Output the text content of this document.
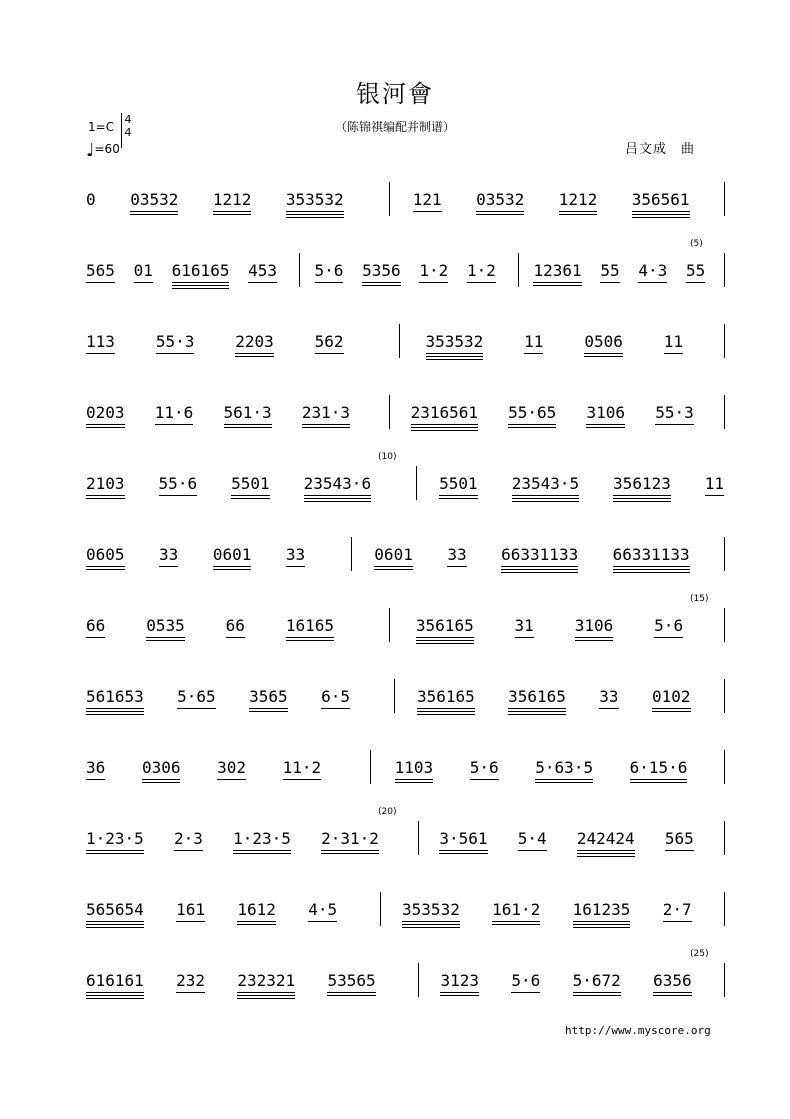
银河會
（陈锦祺编配并制谱）
1=C
4
4
♩=60	吕文成　曲
0 03532 1212 353532	121 03532 1212 356561
565 01 616165 453 5·6 5356 1·2 1·2 12361 55 4·3 55
(5)
113	55·3	2203	562	353532	11	0506	11
0203 11·6 561·3 231·3	2316561 55·65 3106 55·3
2103 55·6 5501 23543·6	5501 23543·5 356123 11
(10)
0605 33 0601 33	0601 33 66331133 66331133
66	0535	66	16165	356165	31	3106	5·6
(15)
561653 5·65 3565 6·5	356165 356165 33 0102
36 0306 302 11·2	1103 5·6 5·63·5 6·15·6
1·23·5 2·3 1·23·5 2·31·2	3·561 5·4 242424 565
(20)
565654 161 1612 4·5	353532 161·2 161235 2·7
616161 232 232321 53565	3123 5·6 5·672 6356
(25)
http://www.myscore.org
